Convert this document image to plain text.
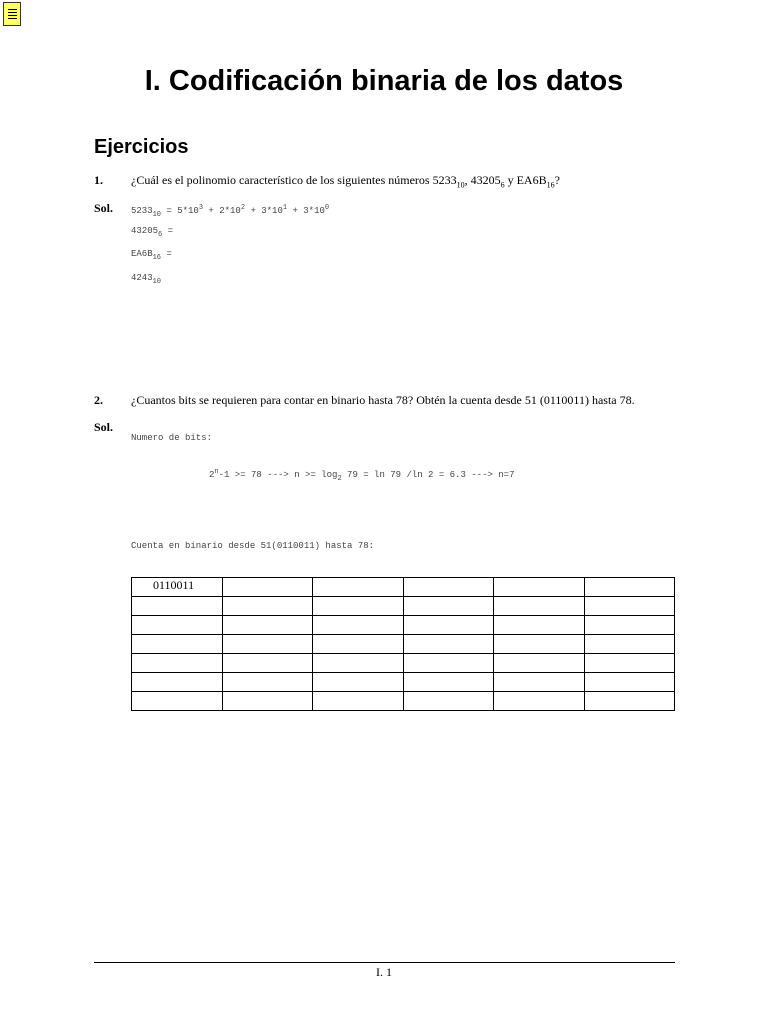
I. Codificación binaria de los datos
Ejercicios
1. ¿Cuál es el polinomio característico de los siguientes números $5233_{10}$, $43205_6$ y $EA6B_{16}$?
Sol. $5233_{10} = 5*10^3 + 2*10^2 + 3*10^1 + 3*10^0$
$43205_6$ =
$EA6B_{16}$ =
$4243_{10}$
2. ¿Cuantos bits se requieren para contar en binario hasta 78? Obtén la cuenta desde 51 (0110011) hasta 78.
Sol.
Numero de bits:
$2^n-1 >= 78$ ---> $n >= \log_2 79 = \ln 79$ /ln 2 = 6.3 ---> n=7
Cuenta en binario desde 51(0110011) hasta 78:
0110011					

I. 1
